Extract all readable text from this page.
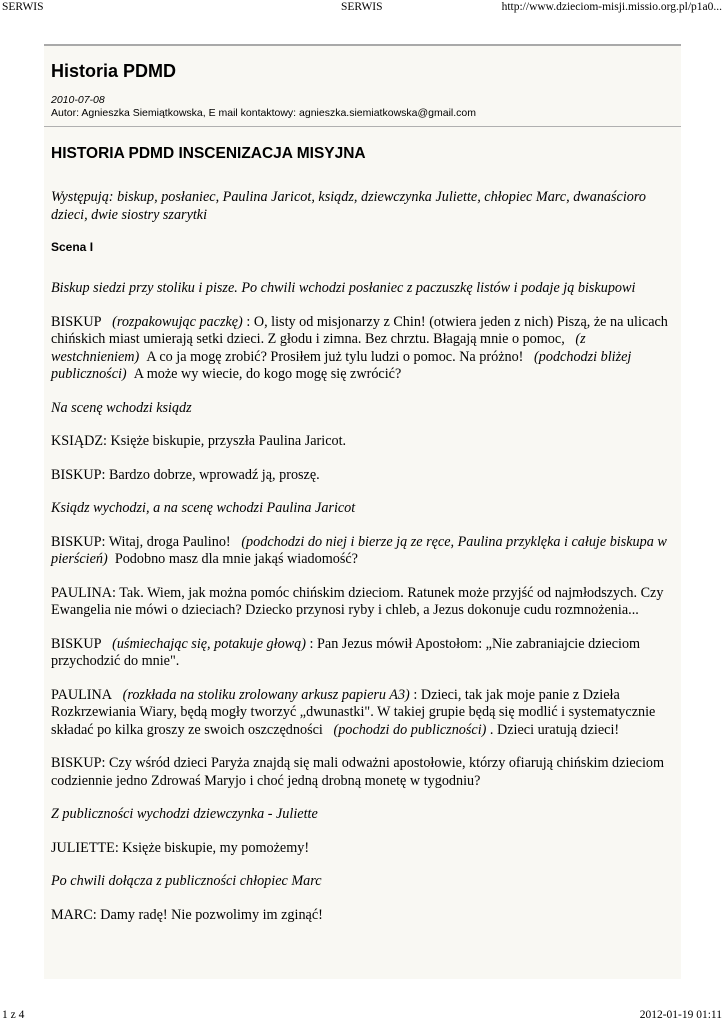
SERWIS	SERWIS	http://www.dzieciom-misji.missio.org.pl/p1a0...
Historia PDMD
2010-07-08
Autor: Agnieszka Siemiątkowska, E mail kontaktowy: agnieszka.siemiatkowska@gmail.com
HISTORIA PDMD INSCENIZACJA MISYJNA

Występują: biskup, posłaniec, Paulina Jaricot, ksiądz, dziewczynka Juliette, chłopiec Marc, dwanaścioro dzieci, dwie siostry szarytki

Scena I

Biskup siedzi przy stoliku i pisze. Po chwili wchodzi posłaniec z paczuszkę listów i podaje ją biskupowi

BISKUP (rozpakowując paczkę) : O, listy od misjonarzy z Chin! (otwiera jeden z nich) Piszą, że na ulicach chińskich miast umierają setki dzieci. Z głodu i zimna. Bez chrztu. Błagają mnie o pomoc, (z westchnieniem) A co ja mogę zrobić? Prosiłem już tylu ludzi o pomoc. Na próżno! (podchodzi bliżej publiczności) A może wy wiecie, do kogo mogę się zwrócić?

Na scenę wchodzi ksiądz

KSIĄDZ: Księże biskupie, przyszła Paulina Jaricot.

BISKUP: Bardzo dobrze, wprowadź ją, proszę.

Ksiądz wychodzi, a na scenę wchodzi Paulina Jaricot

BISKUP: Witaj, droga Paulino! (podchodzi do niej i bierze ją ze ręce, Paulina przyklęka i całuje biskupa w pierścień) Podobno masz dla mnie jakąś wiadomość?

PAULINA: Tak. Wiem, jak można pomóc chińskim dzieciom. Ratunek może przyjść od najmłodszych. Czy Ewangelia nie mówi o dzieciach? Dziecko przynosi ryby i chleb, a Jezus dokonuje cudu rozmnożenia...

BISKUP (uśmiechając się, potakuje głową) : Pan Jezus mówił Apostołom: „Nie zabraniajcie dzieciom przychodzić do mnie".

PAULINA (rozkłada na stoliku zrolowany arkusz papieru A3) : Dzieci, tak jak moje panie z Dzieła Rozkrzewiania Wiary, będą mogły tworzyć „dwunastki". W takiej grupie będą się modlić i systematycznie składać po kilka groszy ze swoich oszczędności (pochodzi do publiczności) . Dzieci uratują dzieci!

BISKUP: Czy wśród dzieci Paryża znajdą się mali odważni apostołowie, którzy ofiarują chińskim dzieciom codziennie jedno Zdrowaś Maryjo i choć jedną drobną monetę w tygodniu?

Z publiczności wychodzi dziewczynka - Juliette

JULIETTE: Księże biskupie, my pomożemy!

Po chwili dołącza z publiczności chłopiec Marc

MARC: Damy radę! Nie pozwolimy im zginąć!

1 z 4	2012-01-19 01:11
